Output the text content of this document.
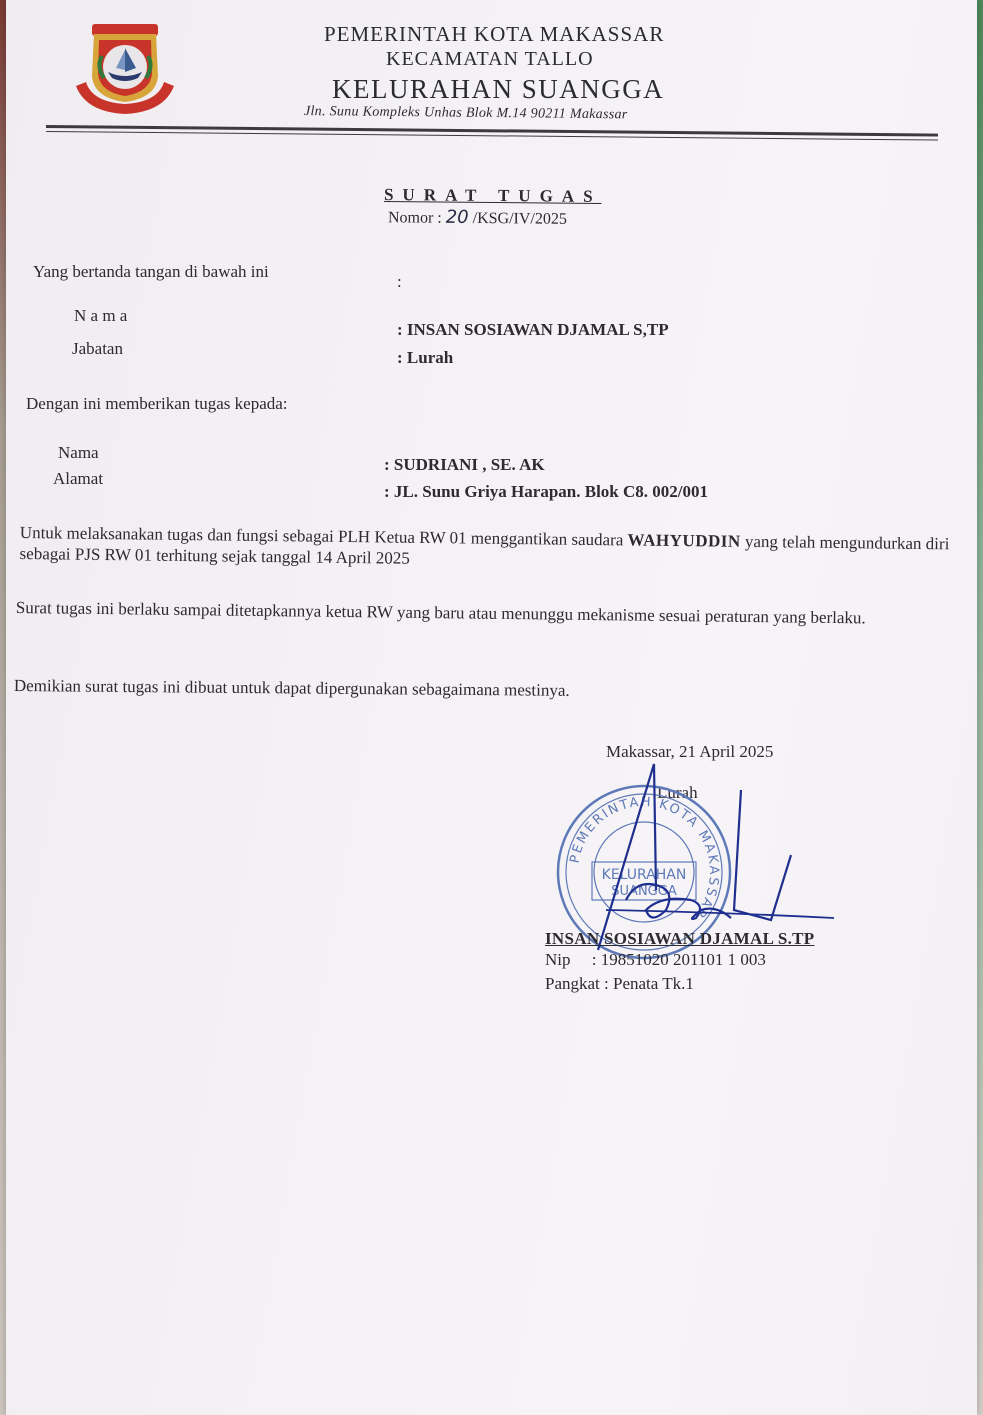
PEMERINTAH KOTA MAKASSAR
KECAMATAN TALLO
KELURAHAN SUANGGA
Jln. Sunu Kompleks Unhas Blok M.14 90211 Makassar
SURAT TUGAS
Nomor : 20 /KSG/IV/2025
Yang bertanda tangan di bawah ini
:
N a m a
: INSAN SOSIAWAN DJAMAL S,TP
Jabatan	: Lurah
Dengan ini memberikan tugas kepada:
Nama
: SUDRIANI , SE. AK
Alamat
: JL. Sunu Griya Harapan. Blok C8. 002/001
Untuk melaksanakan tugas dan fungsi sebagai PLH Ketua RW 01 menggantikan saudara WAHYUDDIN yang telah mengundurkan diri sebagai PJS RW 01 terhitung sejak tanggal 14 April 2025
Surat tugas ini berlaku sampai ditetapkannya ketua RW yang baru atau menunggu mekanisme sesuai peraturan yang berlaku.
Demikian surat tugas ini dibuat untuk dapat dipergunakan sebagaimana mestinya.
Makassar, 21 April 2025
Lurah
PEMERINTAH KOTA MAKASSAR
KELURAHAN
SUANGGA
INSAN SOSIAWAN DJAMAL S.TP
Nip     : 19851020 201101 1 003
Pangkat : Penata Tk.1
